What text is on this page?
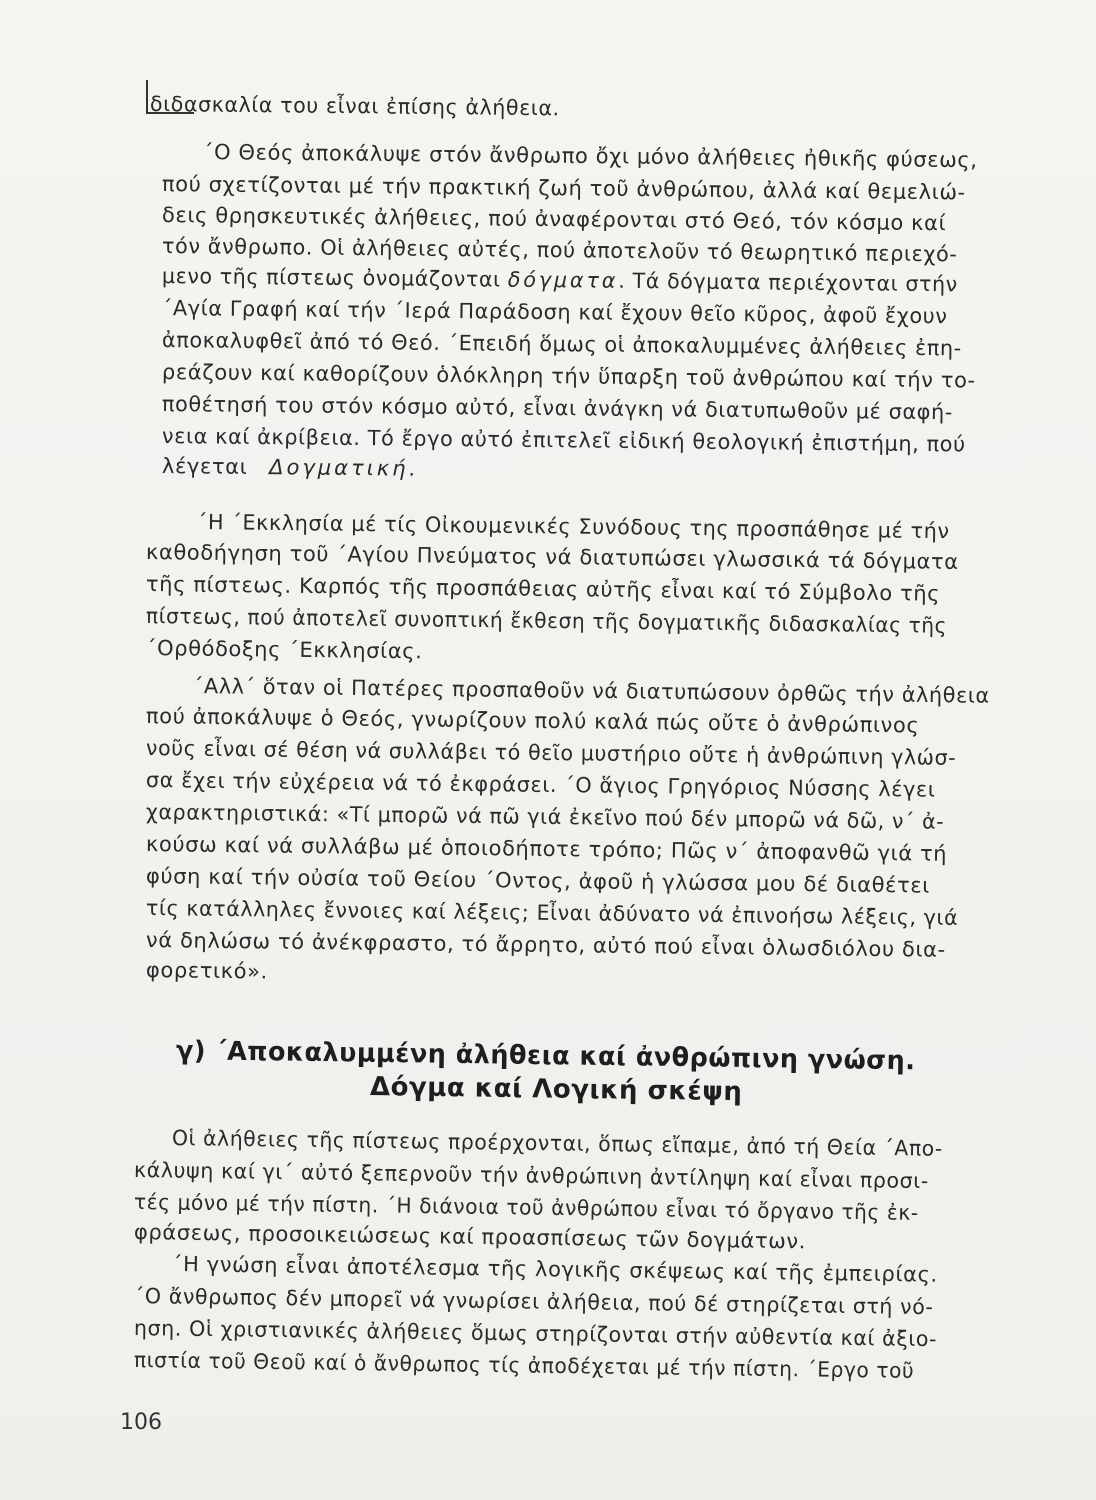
διδασκαλία του εἶναι ἐπίσης ἀλήθεια.
΄Ο Θεός ἀποκάλυψε στόν ἄνθρωπο ὄχι μόνο ἀλήθειες ἠθικῆς φύσεως,
πού σχετίζονται μέ τήν πρακτική ζωή τοῦ ἀνθρώπου, ἀλλά καί θεμελιώ-
δεις θρησκευτικές ἀλήθειες, πού ἀναφέρονται στό Θεό, τόν κόσμο καί
τόν ἄνθρωπο. Οἱ ἀλήθειες αὐτές, πού ἀποτελοῦν τό θεωρητικό περιεχό-
μενο τῆς πίστεως ὀνομάζονται δόγματα. Τά δόγματα περιέχονται στήν
΄Αγία Γραφή καί τήν ΄Ιερά Παράδοση καί ἔχουν θεῖο κῦρος, ἀφοῦ ἔχουν
ἀποκαλυφθεῖ ἀπό τό Θεό. ΄Επειδή ὅμως οἱ ἀποκαλυμμένες ἀλήθειες ἐπη-
ρεάζουν καί καθορίζουν ὁλόκληρη τήν ὕπαρξη τοῦ ἀνθρώπου καί τήν το-
ποθέτησή του στόν κόσμο αὐτό, εἶναι ἀνάγκη νά διατυπωθοῦν μέ σαφή-
νεια καί ἀκρίβεια. Τό ἔργο αὐτό ἐπιτελεῖ εἰδική θεολογική ἐπιστήμη, πού
λέγεται Δογματική.
΄Η ΄Εκκλησία μέ τίς Οἰκουμενικές Συνόδους της προσπάθησε μέ τήν
καθοδήγηση τοῦ ΄Αγίου Πνεύματος νά διατυπώσει γλωσσικά τά δόγματα
τῆς πίστεως. Καρπός τῆς προσπάθειας αὐτῆς εἶναι καί τό Σύμβολο τῆς
πίστεως, πού ἀποτελεῖ συνοπτική ἔκθεση τῆς δογματικῆς διδασκαλίας τῆς
΄Ορθόδοξης ΄Εκκλησίας.
΄Αλλ΄ ὅταν οἱ Πατέρες προσπαθοῦν νά διατυπώσουν ὀρθῶς τήν ἀλήθεια
πού ἀποκάλυψε ὁ Θεός, γνωρίζουν πολύ καλά πώς οὔτε ὁ ἀνθρώπινος
νοῦς εἶναι σέ θέση νά συλλάβει τό θεῖο μυστήριο οὔτε ἡ ἀνθρώπινη γλώσ-
σα ἔχει τήν εὐχέρεια νά τό ἐκφράσει. ΄Ο ἅγιος Γρηγόριος Νύσσης λέγει
χαρακτηριστικά: «Τί μπορῶ νά πῶ γιά ἐκεῖνο πού δέν μπορῶ νά δῶ, ν΄ ἀ-
κούσω καί νά συλλάβω μέ ὁποιοδήποτε τρόπο; Πῶς ν΄ ἀποφανθῶ γιά τή
φύση καί τήν οὐσία τοῦ Θείου ΄Οντος, ἀφοῦ ἡ γλώσσα μου δέ διαθέτει
τίς κατάλληλες ἔννοιες καί λέξεις; Εἶναι ἀδύνατο νά ἐπινοήσω λέξεις, γιά
νά δηλώσω τό ἀνέκφραστο, τό ἄρρητο, αὐτό πού εἶναι ὁλωσδιόλου δια-
φορετικό».
γ) ΄Αποκαλυμμένη ἀλήθεια καί ἀνθρώπινη γνώση.
Δόγμα καί Λογική σκέψη
Οἱ ἀλήθειες τῆς πίστεως προέρχονται, ὅπως εἴπαμε, ἀπό τή Θεία ΄Απο-
κάλυψη καί γι΄ αὐτό ξεπερνοῦν τήν ἀνθρώπινη ἀντίληψη καί εἶναι προσι-
τές μόνο μέ τήν πίστη. ΄Η διάνοια τοῦ ἀνθρώπου εἶναι τό ὄργανο τῆς ἐκ-
φράσεως, προσοικειώσεως καί προασπίσεως τῶν δογμάτων.
΄Η γνώση εἶναι ἀποτέλεσμα τῆς λογικῆς σκέψεως καί τῆς ἐμπειρίας.
΄Ο ἄνθρωπος δέν μπορεῖ νά γνωρίσει ἀλήθεια, πού δέ στηρίζεται στή νό-
ηση. Οἱ χριστιανικές ἀλήθειες ὅμως στηρίζονται στήν αὐθεντία καί ἀξιο-
πιστία τοῦ Θεοῦ καί ὁ ἄνθρωπος τίς ἀποδέχεται μέ τήν πίστη. ΄Εργο τοῦ
106
